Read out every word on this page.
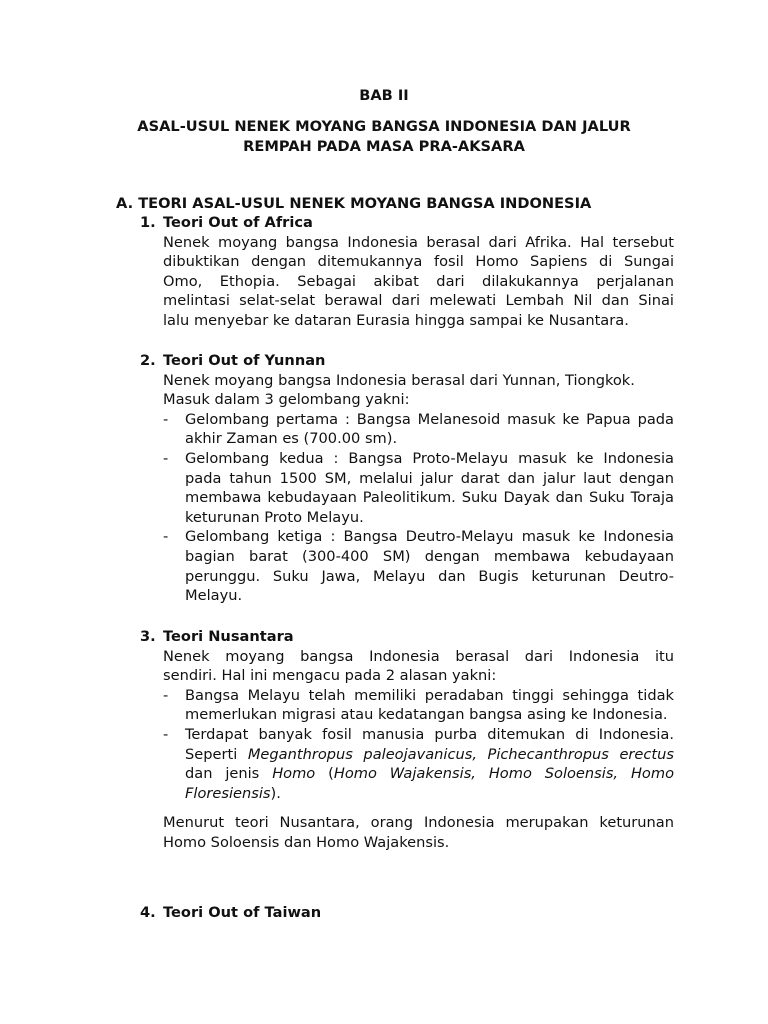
BAB II
ASAL-USUL NENEK MOYANG BANGSA INDONESIA DAN JALUR
REMPAH PADA MASA PRA-AKSARA
A. TEORI ASAL-USUL NENEK MOYANG BANGSA INDONESIA
1. Teori Out of Africa
Nenek moyang bangsa Indonesia berasal dari Afrika. Hal tersebut
dibuktikan dengan ditemukannya fosil Homo Sapiens di Sungai
Omo, Ethopia. Sebagai akibat dari dilakukannya perjalanan
melintasi selat-selat berawal dari melewati Lembah Nil dan Sinai
lalu menyebar ke dataran Eurasia hingga sampai ke Nusantara.
2. Teori Out of Yunnan
Nenek moyang bangsa Indonesia berasal dari Yunnan, Tiongkok.
Masuk dalam 3 gelombang yakni:
- Gelombang pertama : Bangsa Melanesoid masuk ke Papua pada akhir Zaman es (700.00 sm).
- Gelombang kedua : Bangsa Proto-Melayu masuk ke Indonesia pada tahun 1500 SM, melalui jalur darat dan jalur laut dengan membawa kebudayaan Paleolitikum. Suku Dayak dan Suku Toraja keturunan Proto Melayu.
- Gelombang ketiga : Bangsa Deutro-Melayu masuk ke Indonesia bagian barat (300-400 SM) dengan membawa kebudayaan perunggu. Suku Jawa, Melayu dan Bugis keturunan Deutro-Melayu.
3. Teori Nusantara
Nenek moyang bangsa Indonesia berasal dari Indonesia itu
sendiri. Hal ini mengacu pada 2 alasan yakni:
- Bangsa Melayu telah memiliki peradaban tinggi sehingga tidak memerlukan migrasi atau kedatangan bangsa asing ke Indonesia.
- Terdapat banyak fosil manusia purba ditemukan di Indonesia. Seperti Meganthropus paleojavanicus, Pichecanthropus erectus dan jenis Homo (Homo Wajakensis, Homo Soloensis, Homo Floresiensis).
Menurut teori Nusantara, orang Indonesia merupakan keturunan Homo Soloensis dan Homo Wajakensis.
4. Teori Out of Taiwan
